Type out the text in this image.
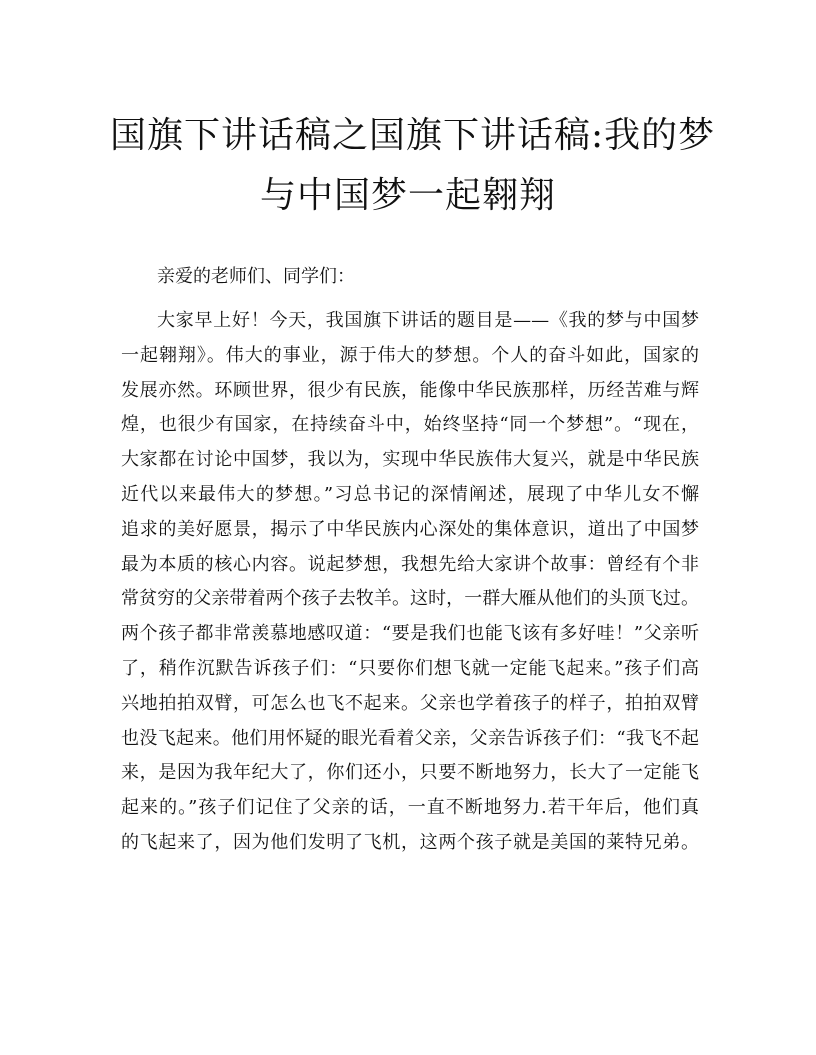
国旗下讲话稿之国旗下讲话稿:我的梦
与中国梦一起翱翔

亲爱的老师们、同学们：

大家早上好！今天，我国旗下讲话的题目是——《我的梦与中国梦
一起翱翔》。伟大的事业，源于伟大的梦想。个人的奋斗如此，国家的
发展亦然。环顾世界，很少有民族，能像中华民族那样，历经苦难与辉
煌，也很少有国家，在持续奋斗中，始终坚持“同一个梦想”。“现在，
大家都在讨论中国梦，我以为，实现中华民族伟大复兴，就是中华民族
近代以来最伟大的梦想。”习总书记的深情阐述，展现了中华儿女不懈
追求的美好愿景，揭示了中华民族内心深处的集体意识，道出了中国梦
最为本质的核心内容。说起梦想，我想先给大家讲个故事：曾经有个非
常贫穷的父亲带着两个孩子去牧羊。这时，一群大雁从他们的头顶飞过。
两个孩子都非常羡慕地感叹道：“要是我们也能飞该有多好哇！”父亲听
了，稍作沉默告诉孩子们：“只要你们想飞就一定能飞起来。”孩子们高
兴地拍拍双臂，可怎么也飞不起来。父亲也学着孩子的样子，拍拍双臂
也没飞起来。他们用怀疑的眼光看着父亲，父亲告诉孩子们：“我飞不起
来，是因为我年纪大了，你们还小，只要不断地努力，长大了一定能飞
起来的。”孩子们记住了父亲的话，一直不断地努力.若干年后，他们真
的飞起来了，因为他们发明了飞机，这两个孩子就是美国的莱特兄弟。
